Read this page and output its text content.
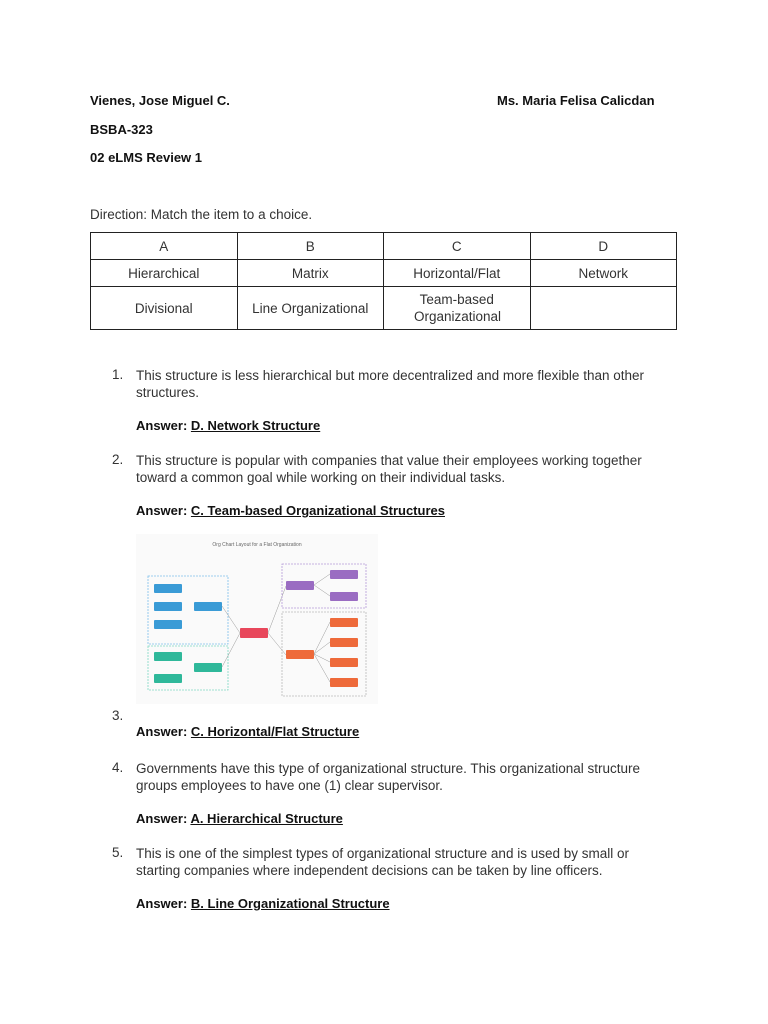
Vienes, Jose Miguel C.	Ms. Maria Felisa Calicdan
BSBA-323
02 eLMS Review 1
Direction: Match the item to a choice.
A	B	C	D
Hierarchical	Matrix	Horizontal/Flat	Network
Divisional	Line Organizational	Team-based Organizational	
1. This structure is less hierarchical but more decentralized and more flexible than other structures.
Answer: D. Network Structure
2. This structure is popular with companies that value their employees working together toward a common goal while working on their individual tasks.
Answer: C. Team-based Organizational Structures
Org Chart Layout for a Flat Organization
3.
Answer: C. Horizontal/Flat Structure
4. Governments have this type of organizational structure. This organizational structure groups employees to have one (1) clear supervisor.
Answer: A. Hierarchical Structure
5. This is one of the simplest types of organizational structure and is used by small or starting companies where independent decisions can be taken by line officers.
Answer: B. Line Organizational Structure
